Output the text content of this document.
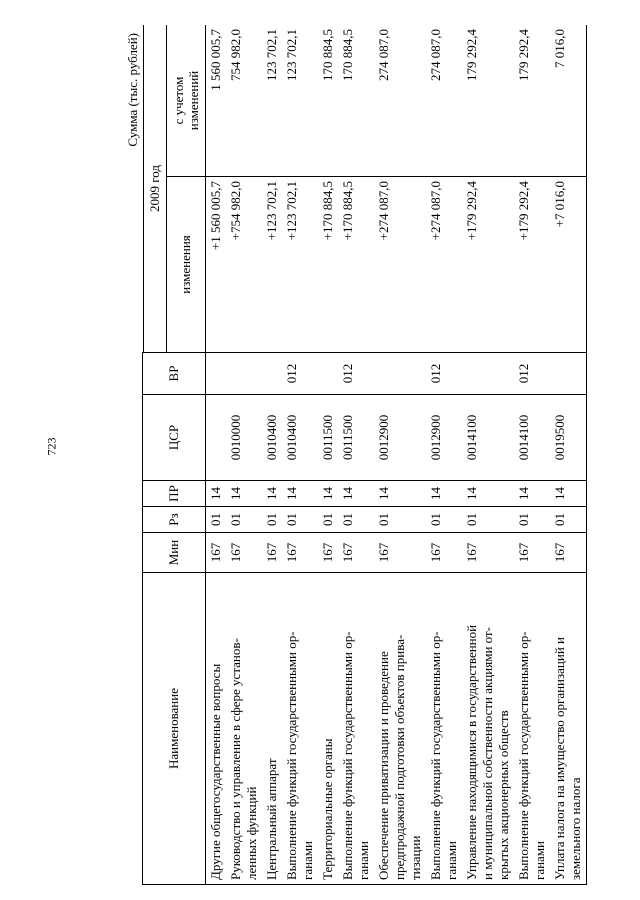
723
Сумма (тыс. рублей)
Наименование	Мин	Рз	ПР	ЦСР	ВР		
						2009 год	
						изменения	с учетом
изменений

Другие общегосударственные вопросы	167	01	14			+1 560 005,7	1 560 005,7

Руководство и управление в сфере установ- ленных функций	167	01	14	0010000		+754 982,0	754 982,0

Центральный аппарат	167	01	14	0010400		+123 702,1	123 702,1

Выполнение функций государственными ор- ганами	167	01	14	0010400	012	+123 702,1	123 702,1

Территориальные органы	167	01	14	0011500		+170 884,5	170 884,5

Выполнение функций государственными ор- ганами	167	01	14	0011500	012	+170 884,5	170 884,5

Обеспечение приватизации и проведение предпродажной подготовки объектов прива- тизации	167	01	14	0012900		+274 087,0	274 087,0

Выполнение функций государственными ор- ганами	167	01	14	0012900	012	+274 087,0	274 087,0

Управление находящимися в государственной и муниципальной собственности акциями от- крытых акционерных обществ	167	01	14	0014100		+179 292,4	179 292,4

Выполнение функций государственными ор- ганами	167	01	14	0014100	012	+179 292,4	179 292,4

Уплата налога на имущество организаций и земельного налога	167	01	14	0019500		+7 016,0	7 016,0
